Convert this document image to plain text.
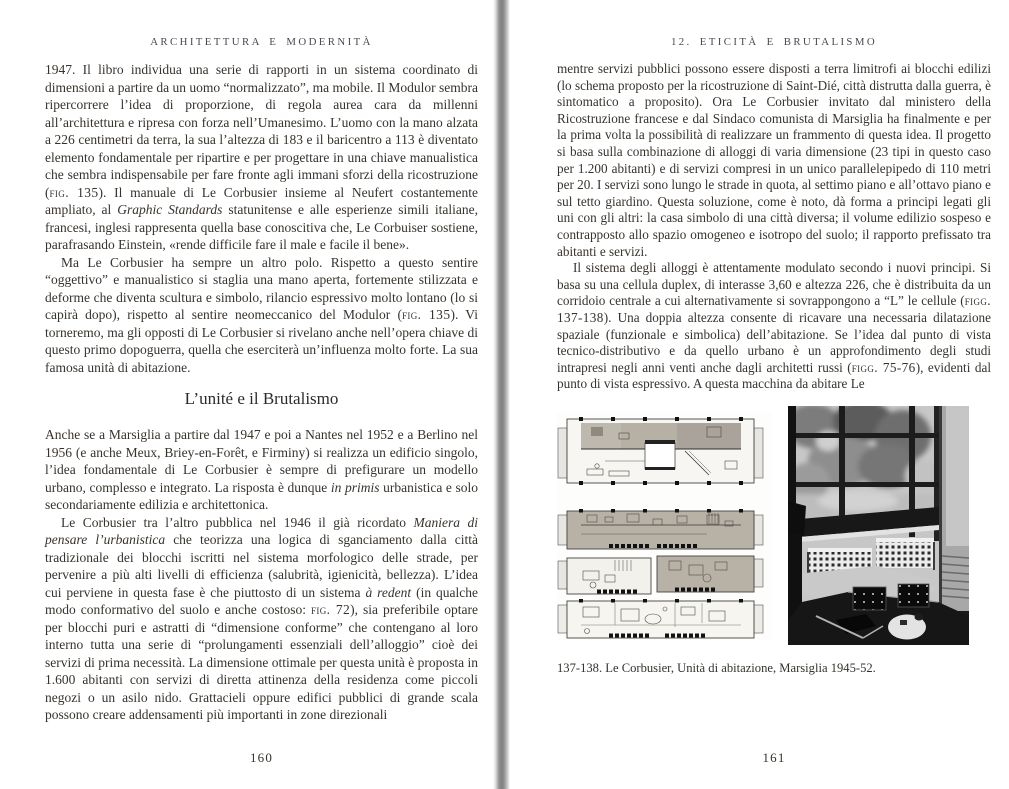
ARCHITETTURA E MODERNITÀ

1947. Il libro individua una serie di rapporti in un sistema coordinato di dimensioni a partire da un uomo “normalizzato”, ma mobile. Il Modulor sembra ripercorrere l’idea di proporzione, di regola aurea cara da millenni all’architettura e ripresa con forza nell’Umanesimo. L’uomo con la mano alzata a 226 centimetri da terra, la sua l’altezza di 183 e il baricentro a 113 è diventato elemento fondamentale per ripartire e per progettare in una chiave manualistica che sembra indispensabile per fare fronte agli immani sforzi della ricostruzione (fig. 135). Il manuale di Le Corbusier insieme al Neufert costantemente ampliato, al Graphic Standards statunitense e alle esperienze simili italiane, francesi, inglesi rappresenta quella base conoscitiva che, Le Corbuiser sostiene, parafrasando Einstein, «rende difficile fare il male e facile il bene».

Ma Le Corbusier ha sempre un altro polo. Rispetto a questo sentire “oggettivo” e manualistico si staglia una mano aperta, fortemente stilizzata e deforme che diventa scultura e simbolo, rilancio espressivo molto lontano (lo si capirà dopo), rispetto al sentire neomeccanico del Modulor (fig. 135). Vi torneremo, ma gli opposti di Le Corbusier si rivelano anche nell’opera chiave di questo primo dopoguerra, quella che eserciterà un’influenza molto forte. La sua famosa unità di abitazione.

L’unité e il Brutalismo

Anche se a Marsiglia a partire dal 1947 e poi a Nantes nel 1952 e a Berlino nel 1956 (e anche Meux, Briey-en-Forêt, e Firminy) si realizza un edificio singolo, l’idea fondamentale di Le Corbusier è sempre di prefigurare un modello urbano, complesso e integrato. La risposta è dunque in primis urbanistica e solo secondariamente edilizia e architettonica.

Le Corbusier tra l’altro pubblica nel 1946 il già ricordato Maniera di pensare l’urbanistica che teorizza una logica di sganciamento dalla città tradizionale dei blocchi iscritti nel sistema morfologico delle strade, per pervenire a più alti livelli di efficienza (salubrità, igienicità, bellezza). L’idea cui perviene in questa fase è che piuttosto di un sistema à redent (in qualche modo conformativo del suolo e anche costoso: fig. 72), sia preferibile optare per blocchi puri e astratti di “dimensione conforme” che contengano al loro interno tutta una serie di “prolungamenti essenziali dell’alloggio” cioè dei servizi di prima necessità. La dimensione ottimale per questa unità è proposta in 1.600 abitanti con servizi di diretta attinenza della residenza come piccoli negozi o un asilo nido. Grattacieli oppure edifici pubblici di grande scala possono creare addensamenti più importanti in zone direzionali

160
12. ETICITÀ E BRUTALISMO

mentre servizi pubblici possono essere disposti a terra limitrofi ai blocchi edilizi (lo schema proposto per la ricostruzione di Saint-Dié, città distrutta dalla guerra, è sintomatico a proposito). Ora Le Corbusier invitato dal ministero della Ricostruzione francese e dal Sindaco comunista di Marsiglia ha finalmente e per la prima volta la possibilità di realizzare un frammento di questa idea. Il progetto si basa sulla combinazione di alloggi di varia dimensione (23 tipi in questo caso per 1.200 abitanti) e di servizi compresi in un unico parallelepipedo di 110 metri per 20. I servizi sono lungo le strade in quota, al settimo piano e all’ottavo piano e sul tetto giardino. Questa soluzione, come è noto, dà forma a principi legati gli uni con gli altri: la casa simbolo di una città diversa; il volume edilizio sospeso e contrapposto allo spazio omogeneo e isotropo del suolo; il rapporto prefissato tra abitanti e servizi.

Il sistema degli alloggi è attentamente modulato secondo i nuovi principi. Si basa su una cellula duplex, di interasse 3,60 e altezza 226, che è distribuita da un corridoio centrale a cui alternativamente si sovrappongono a “L” le cellule (figg. 137-138). Una doppia altezza consente di ricavare una necessaria dilatazione spaziale (funzionale e simbolica) dell’abitazione. Se l’idea dal punto di vista tecnico-distributivo e da quello urbano è un approfondimento degli studi intrapresi negli anni venti anche dagli architetti russi (figg. 75-76), evidenti dal punto di vista espressivo. A questa macchina da abitare Le

137-138. Le Corbusier, Unità di abitazione, Marsiglia 1945-52.
161
